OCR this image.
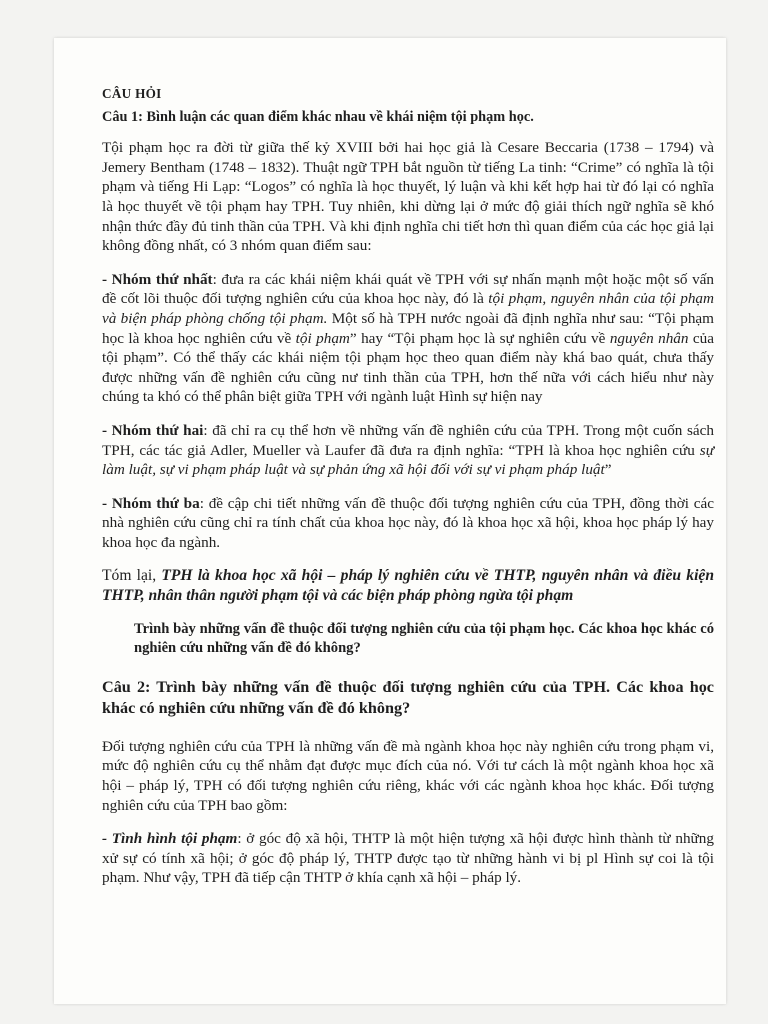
CÂU HỎI

Câu 1: Bình luận các quan điểm khác nhau về khái niệm tội phạm học.

Tội phạm học ra đời từ giữa thế kỷ XVIII bởi hai học giả là Cesare Beccaria (1738 – 1794) và Jemery Bentham (1748 – 1832). Thuật ngữ TPH bắt nguồn từ tiếng La tinh: “Crime” có nghĩa là tội phạm và tiếng Hi Lạp: “Logos” có nghĩa là học thuyết, lý luận và khi kết hợp hai từ đó lại có nghĩa là học thuyết về tội phạm hay TPH. Tuy nhiên, khi dừng lại ở mức độ giải thích ngữ nghĩa sẽ khó nhận thức đầy đủ tinh thần của TPH. Và khi định nghĩa chi tiết hơn thì quan điểm của các học giả lại không đồng nhất, có 3 nhóm quan điểm sau:

- Nhóm thứ nhất: đưa ra các khái niệm khái quát về TPH với sự nhấn mạnh một hoặc một số vấn đề cốt lõi thuộc đối tượng nghiên cứu của khoa học này, đó là tội phạm, nguyên nhân của tội phạm và biện pháp phòng chống tội phạm. Một số hà TPH nước ngoài đã định nghĩa như sau: “Tội phạm học là khoa học nghiên cứu về tội phạm” hay “Tội phạm học là sự nghiên cứu về nguyên nhân của tội phạm”. Có thể thấy các khái niệm tội phạm học theo quan điểm này khá bao quát, chưa thấy được những vấn đề nghiên cứu cũng nư tinh thần của TPH, hơn thế nữa với cách hiểu như này chúng ta khó có thể phân biệt giữa TPH với ngành luật Hình sự hiện nay

- Nhóm thứ hai: đã chỉ ra cụ thể hơn về những vấn đề nghiên cứu của TPH. Trong một cuốn sách TPH, các tác giả Adler, Mueller và Laufer đã đưa ra định nghĩa: “TPH là khoa học nghiên cứu sự làm luật, sự vi phạm pháp luật và sự phản ứng xã hội đối với sự vi phạm pháp luật”

- Nhóm thứ ba: đề cập chi tiết những vấn đề thuộc đối tượng nghiên cứu của TPH, đồng thời các nhà nghiên cứu cũng chỉ ra tính chất của khoa học này, đó là khoa học xã hội, khoa học pháp lý hay khoa học đa ngành.

Tóm lại, TPH là khoa học xã hội – pháp lý nghiên cứu về THTP, nguyên nhân và điều kiện THTP, nhân thân người phạm tội và các biện pháp phòng ngừa tội phạm

Trình bày những vấn đề thuộc đối tượng nghiên cứu của tội phạm học. Các khoa học khác có nghiên cứu những vấn đề đó không?

Câu 2: Trình bày những vấn đề thuộc đối tượng nghiên cứu của TPH. Các khoa học khác có nghiên cứu những vấn đề đó không?

Đối tượng nghiên cứu của TPH là những vấn đề mà ngành khoa học này nghiên cứu trong phạm vi, mức độ nghiên cứu cụ thể nhằm đạt được mục đích của nó. Với tư cách là một ngành khoa học xã hội – pháp lý, TPH có đối tượng nghiên cứu riêng, khác với các ngành khoa học khác. Đối tượng nghiên cứu của TPH bao gồm:

- Tình hình tội phạm: ở góc độ xã hội, THTP là một hiện tượng xã hội được hình thành từ những xử sự có tính xã hội; ở góc độ pháp lý, THTP được tạo từ những hành vi bị pl Hình sự coi là tội phạm. Như vậy, TPH đã tiếp cận THTP ở khía cạnh xã hội – pháp lý.
